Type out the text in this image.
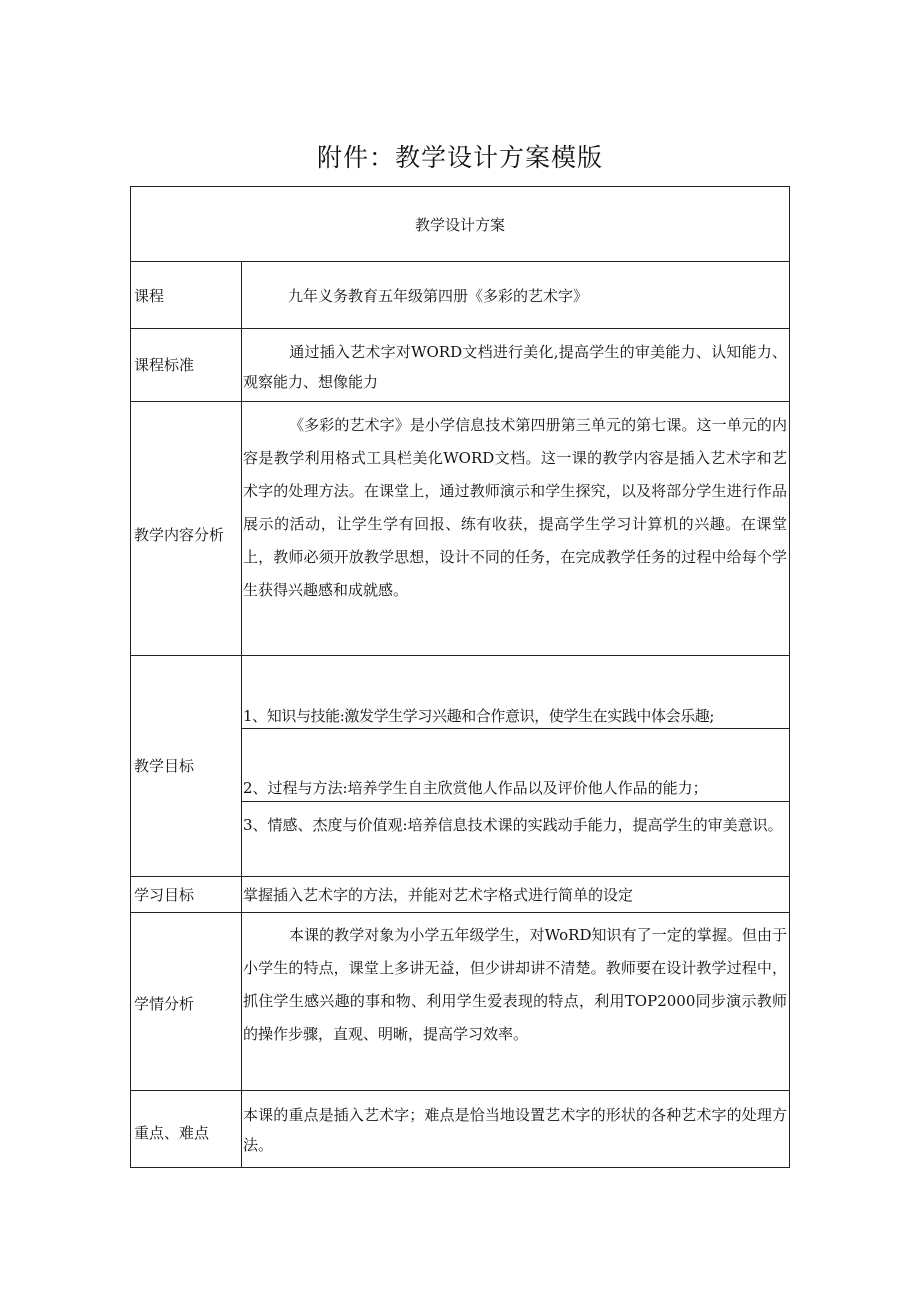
附件：教学设计方案模版
教学设计方案
课程	九年义务教育五年级第四册《多彩的艺术字》
课程标准
通过插入艺术字对WORD文档进行美化,提高学生的审美能力、认知能力、观察能力、想像能力
教学内容分析
《多彩的艺术字》是小学信息技术第四册第三单元的第七课。这一单元的内容是教学利用格式工具栏美化WORD文档。这一课的教学内容是插入艺术字和艺术字的处理方法。在课堂上，通过教师演示和学生探究，以及将部分学生进行作品展示的活动，让学生学有回报、练有收获，提高学生学习计算机的兴趣。在课堂上，教师必须开放教学思想，设计不同的任务，在完成教学任务的过程中给每个学生获得兴趣感和成就感。
教学目标
1、知识与技能:激发学生学习兴趣和合作意识，使学生在实践中体会乐趣;
2、过程与方法:培养学生自主欣赏他人作品以及评价他人作品的能力；
3、情感、杰度与价值观:培养信息技术课的实践动手能力，提高学生的审美意识。
学习目标	掌握插入艺术字的方法，并能对艺术字格式进行简单的设定
学情分析
本课的教学对象为小学五年级学生，对WoRD知识有了一定的掌握。但由于小学生的特点，课堂上多讲无益，但少讲却讲不清楚。教师要在设计教学过程中，抓住学生感兴趣的事和物、利用学生爱表现的特点，利用TOP2000同步演示教师的操作步骤，直观、明晰，提高学习效率。
重点、难点
本课的重点是插入艺术字；难点是恰当地设置艺术字的形状的各种艺术字的处理方法。
